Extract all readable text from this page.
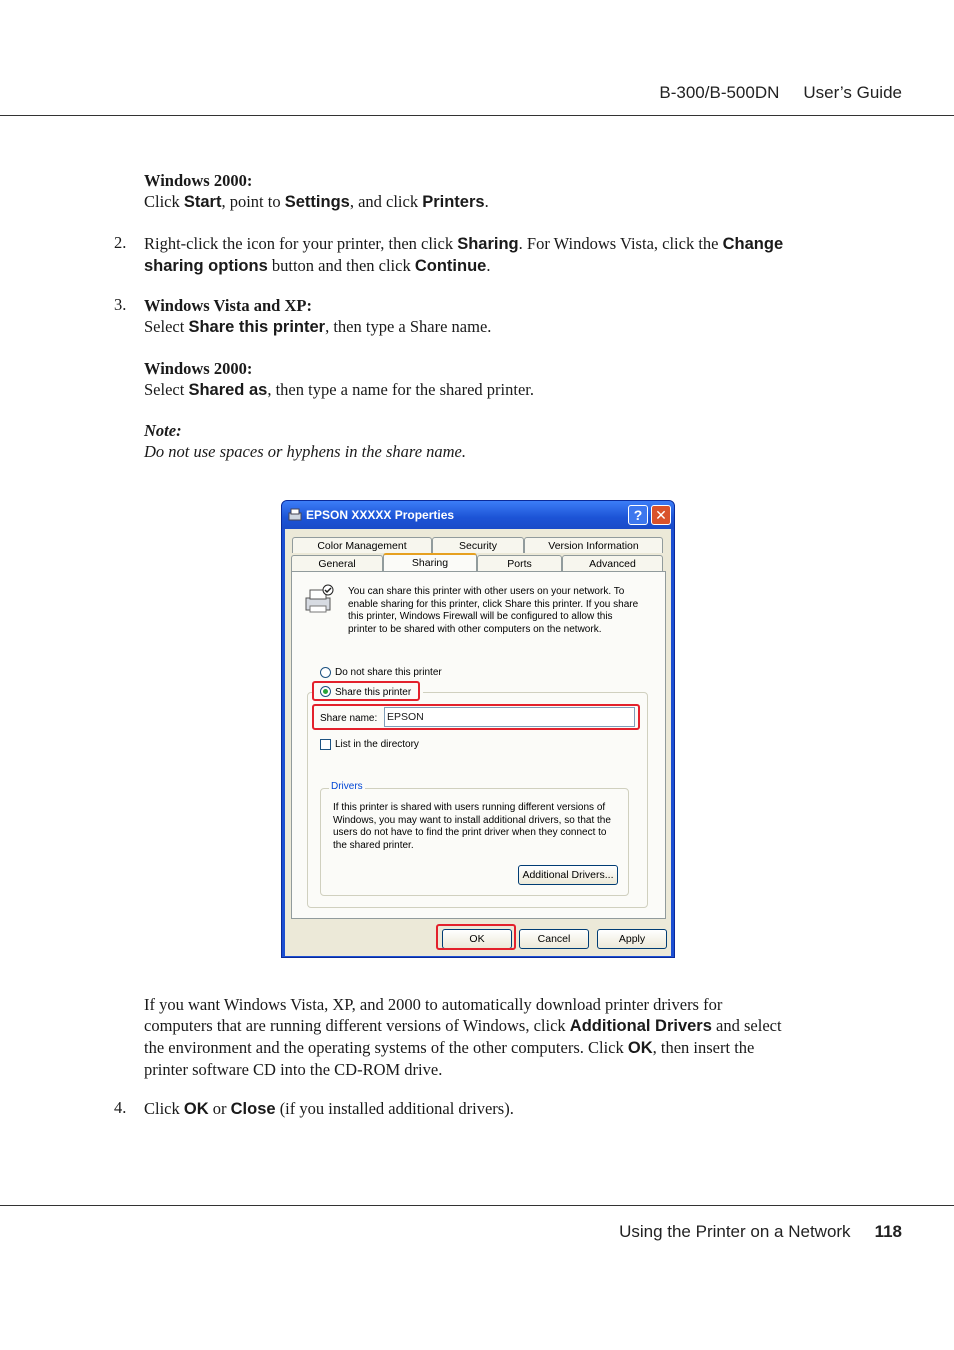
B-300/B-500DN User’s Guide
Windows 2000:
Click Start, point to Settings, and click Printers.
2. Right-click the icon for your printer, then click Sharing. For Windows Vista, click the Change
sharing options button and then click Continue.
3. Windows Vista and XP:
Select Share this printer, then type a Share name.
Windows 2000:
Select Shared as, then type a name for the shared printer.
Note:
Do not use spaces or hyphens in the share name.
EPSON XXXXX Properties	? ✕
Color Management	Security	Version Information
General	Sharing	Ports	Advanced
You can share this printer with other users on your network. To
enable sharing for this printer, click Share this printer. If you share
this printer, Windows Firewall will be configured to allow this
printer to be shared with other computers on the network.
Do not share this printer
Share this printer
Share name: EPSON
List in the directory
Drivers
If this printer is shared with users running different versions of
Windows, you may want to install additional drivers, so that the
users do not have to find the print driver when they connect to
the shared printer.
Additional Drivers...
OK	Cancel	Apply
If you want Windows Vista, XP, and 2000 to automatically download printer drivers for
computers that are running different versions of Windows, click Additional Drivers and select
the environment and the operating systems of the other computers. Click OK, then insert the
printer software CD into the CD-ROM drive.
4. Click OK or Close (if you installed additional drivers).
Using the Printer on a Network 118
